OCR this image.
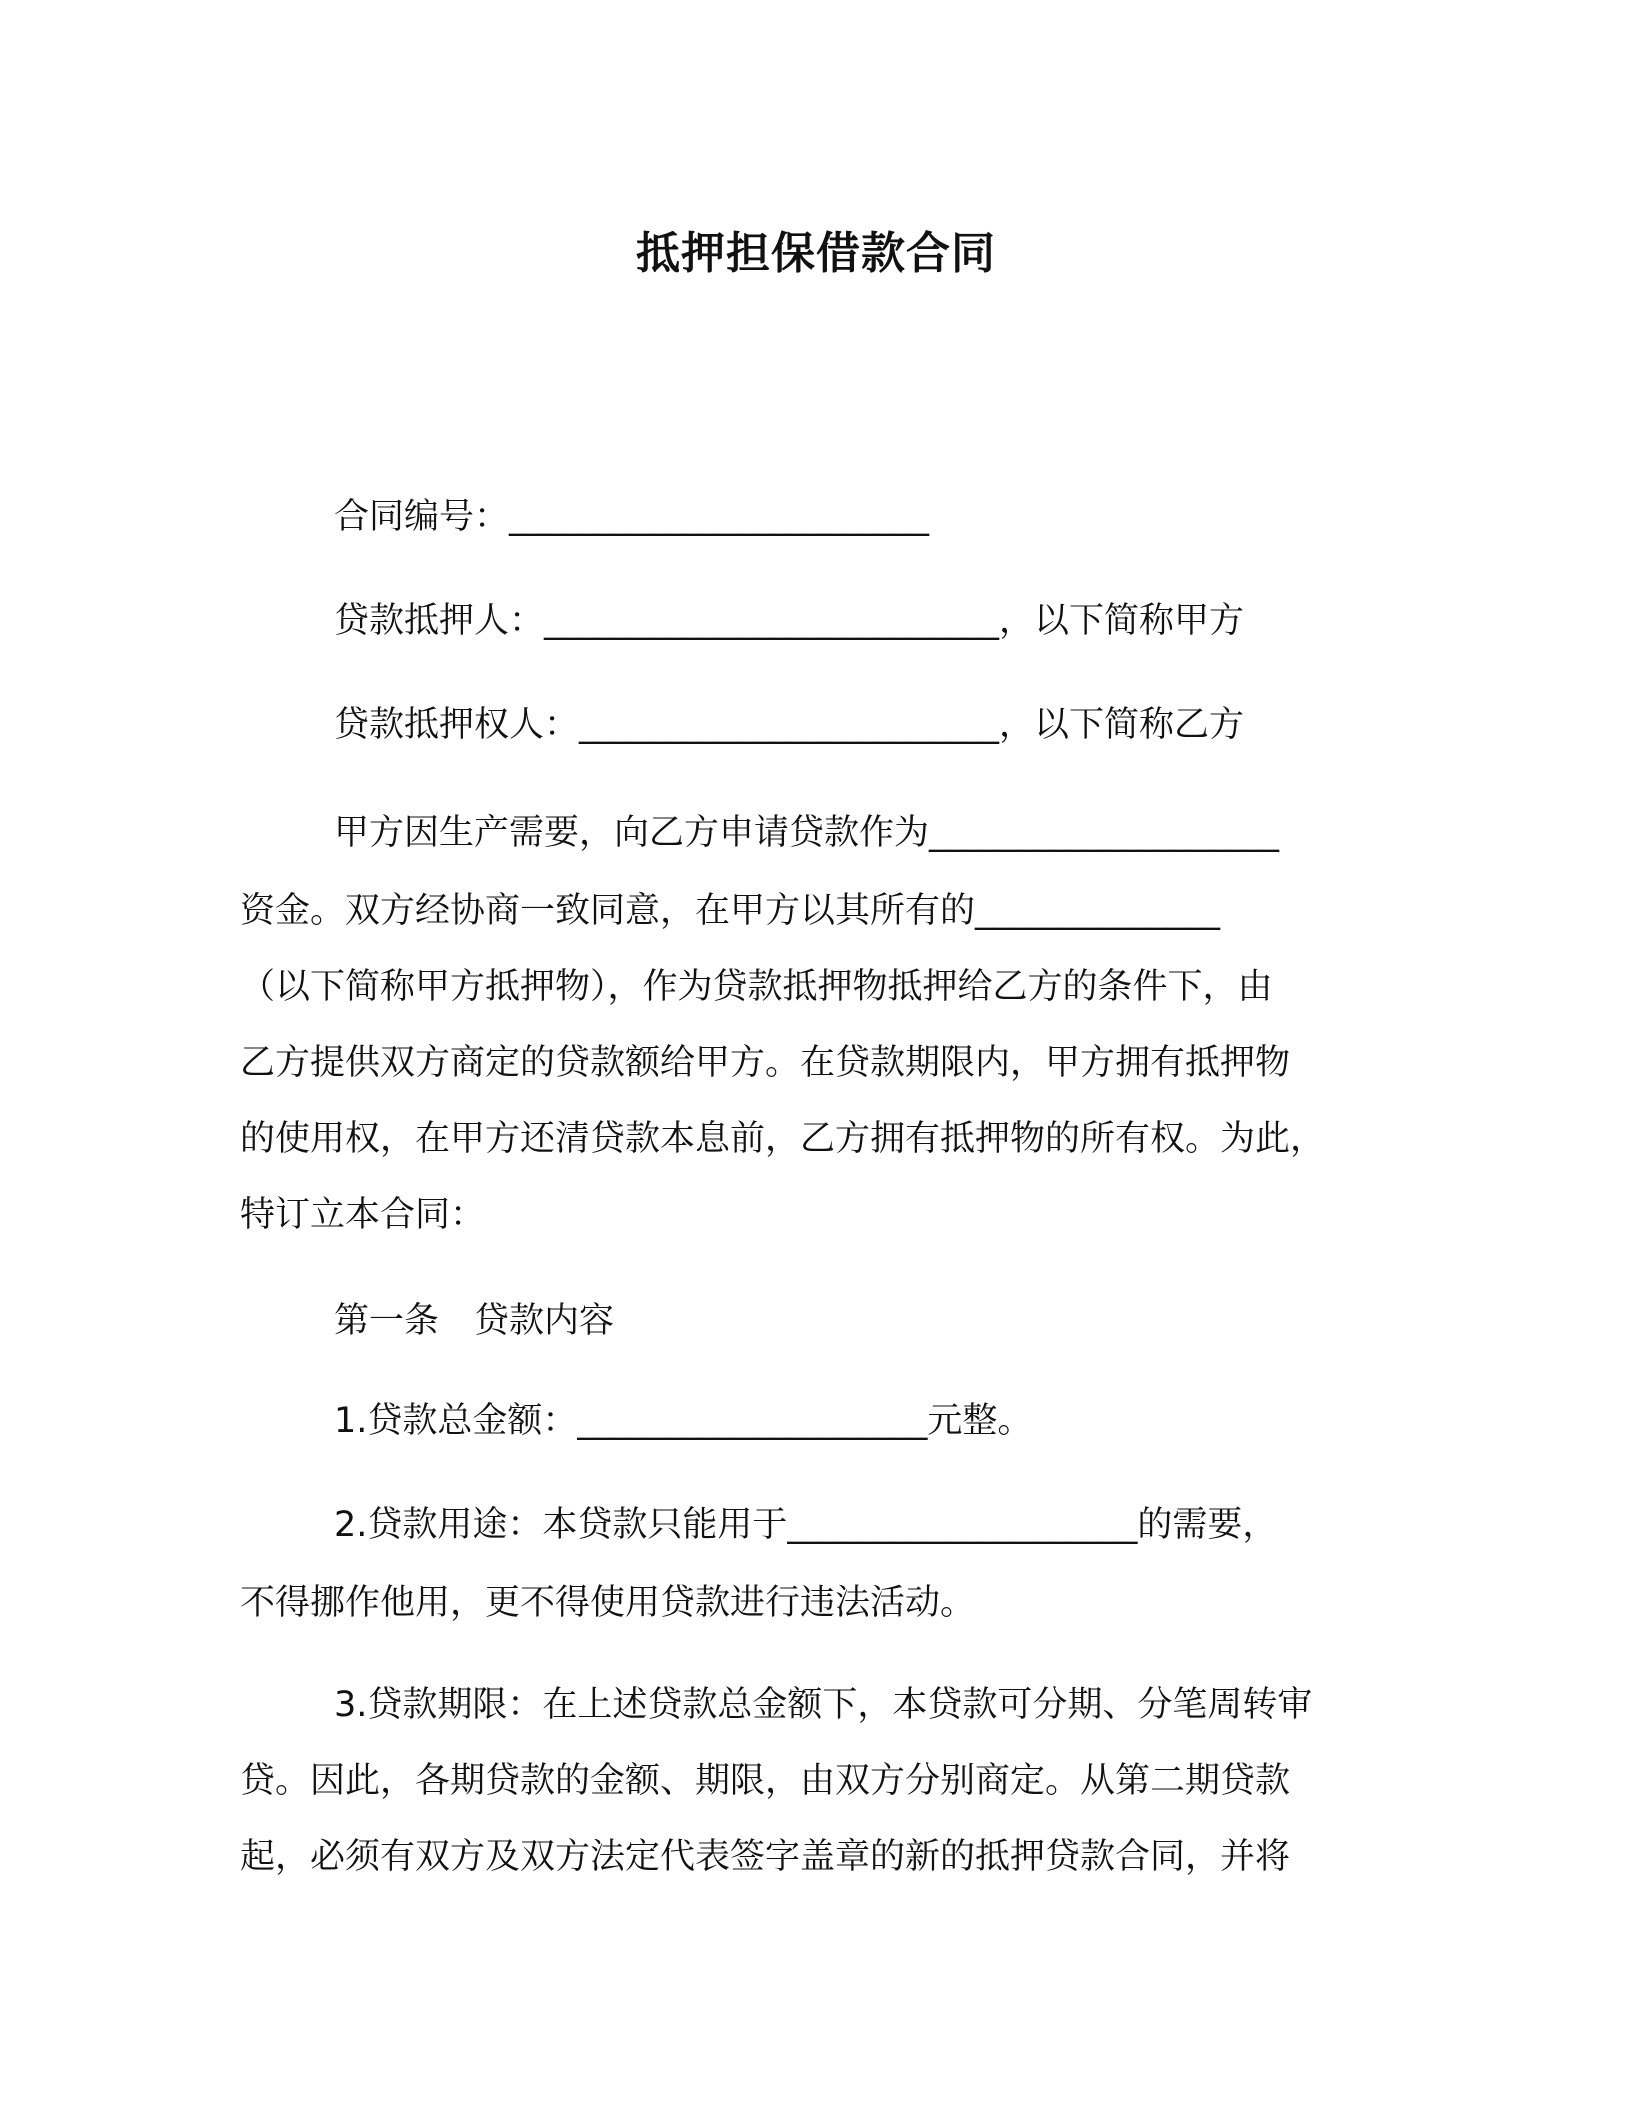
抵押担保借款合同
合同编号：________________________
贷款抵押人：__________________________，以下简称甲方
贷款抵押权人：________________________，以下简称乙方
甲方因生产需要，向乙方申请贷款作为____________________
资金。双方经协商一致同意，在甲方以其所有的______________
（以下简称甲方抵押物），作为贷款抵押物抵押给乙方的条件下，由
乙方提供双方商定的贷款额给甲方。在贷款期限内，甲方拥有抵押物
的使用权，在甲方还清贷款本息前，乙方拥有抵押物的所有权。为此，
特订立本合同：
第一条　贷款内容
1.贷款总金额：____________________元整。
2.贷款用途：本贷款只能用于____________________的需要，
不得挪作他用，更不得使用贷款进行违法活动。
3.贷款期限：在上述贷款总金额下，本贷款可分期、分笔周转审
贷。因此，各期贷款的金额、期限，由双方分别商定。从第二期贷款
起，必须有双方及双方法定代表签字盖章的新的抵押贷款合同，并将
